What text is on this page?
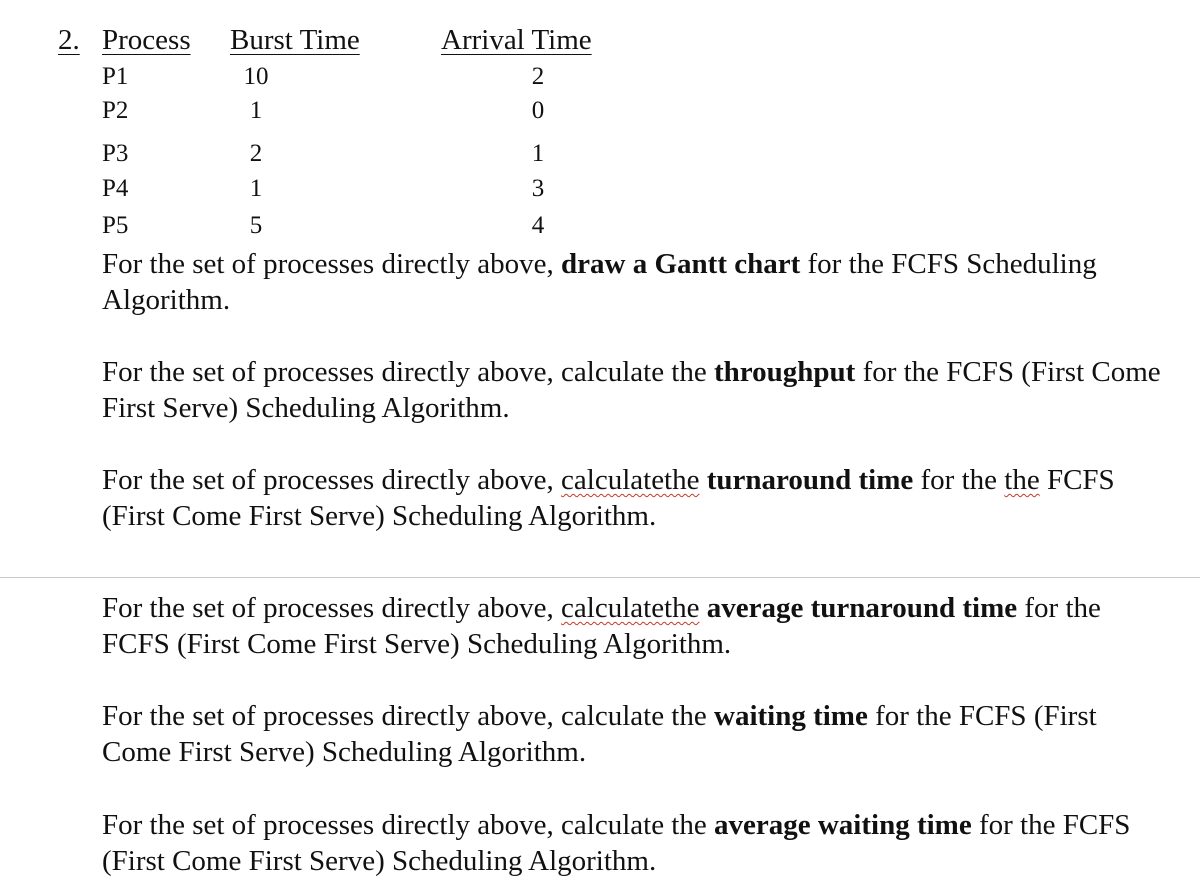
2. Process Burst Time	Arrival Time
P1	10	2
P2	1	0
P3	2	1
P4	1	3
P5	5	4

For the set of processes directly above, draw a Gantt chart for the FCFS Scheduling Algorithm.

For the set of processes directly above, calculate the throughput for the FCFS (First Come First Serve) Scheduling Algorithm.

For the set of processes directly above, calculatethe turnaround time for the the FCFS (First Come First Serve) Scheduling Algorithm.

For the set of processes directly above, calculatethe average turnaround time for the FCFS (First Come First Serve) Scheduling Algorithm.

For the set of processes directly above, calculate the waiting time for the FCFS (First Come First Serve) Scheduling Algorithm.

For the set of processes directly above, calculate the average waiting time for the FCFS (First Come First Serve) Scheduling Algorithm.
